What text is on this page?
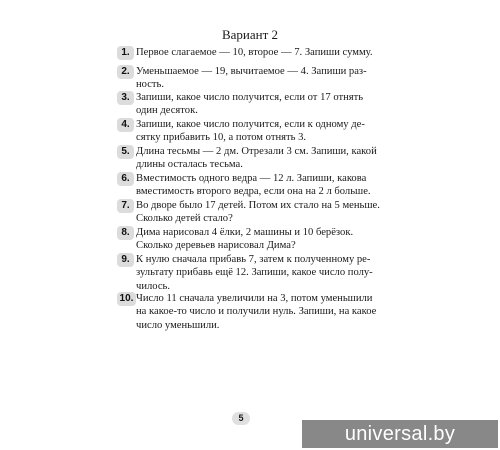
Вариант 2
1. Первое слагаемое — 10, второе — 7. Запиши сумму.
2. Уменьшаемое — 19, вычитаемое — 4. Запиши раз-
ность.
3. Запиши, какое число получится, если от 17 отнять
один десяток.
4. Запиши, какое число получится, если к одному де-
сятку прибавить 10, а потом отнять 3.
5. Длина тесьмы — 2 дм. Отрезали 3 см. Запиши, какой
длины осталась тесьма.
6. Вместимость одного ведра — 12 л. Запиши, какова
вместимость второго ведра, если она на 2 л больше.
7. Во дворе было 17 детей. Потом их стало на 5 меньше.
Сколько детей стало?
8. Дима нарисовал 4 ёлки, 2 машины и 10 берёзок.
Сколько деревьев нарисовал Дима?
9. К нулю сначала прибавь 7, затем к полученному ре-
зультату прибавь ещё 12. Запиши, какое число полу-
чилось.
10. Число 11 сначала увеличили на 3, потом уменьшили
на какое-то число и получили нуль. Запиши, на какое
число уменьшили.
5
universal.by
